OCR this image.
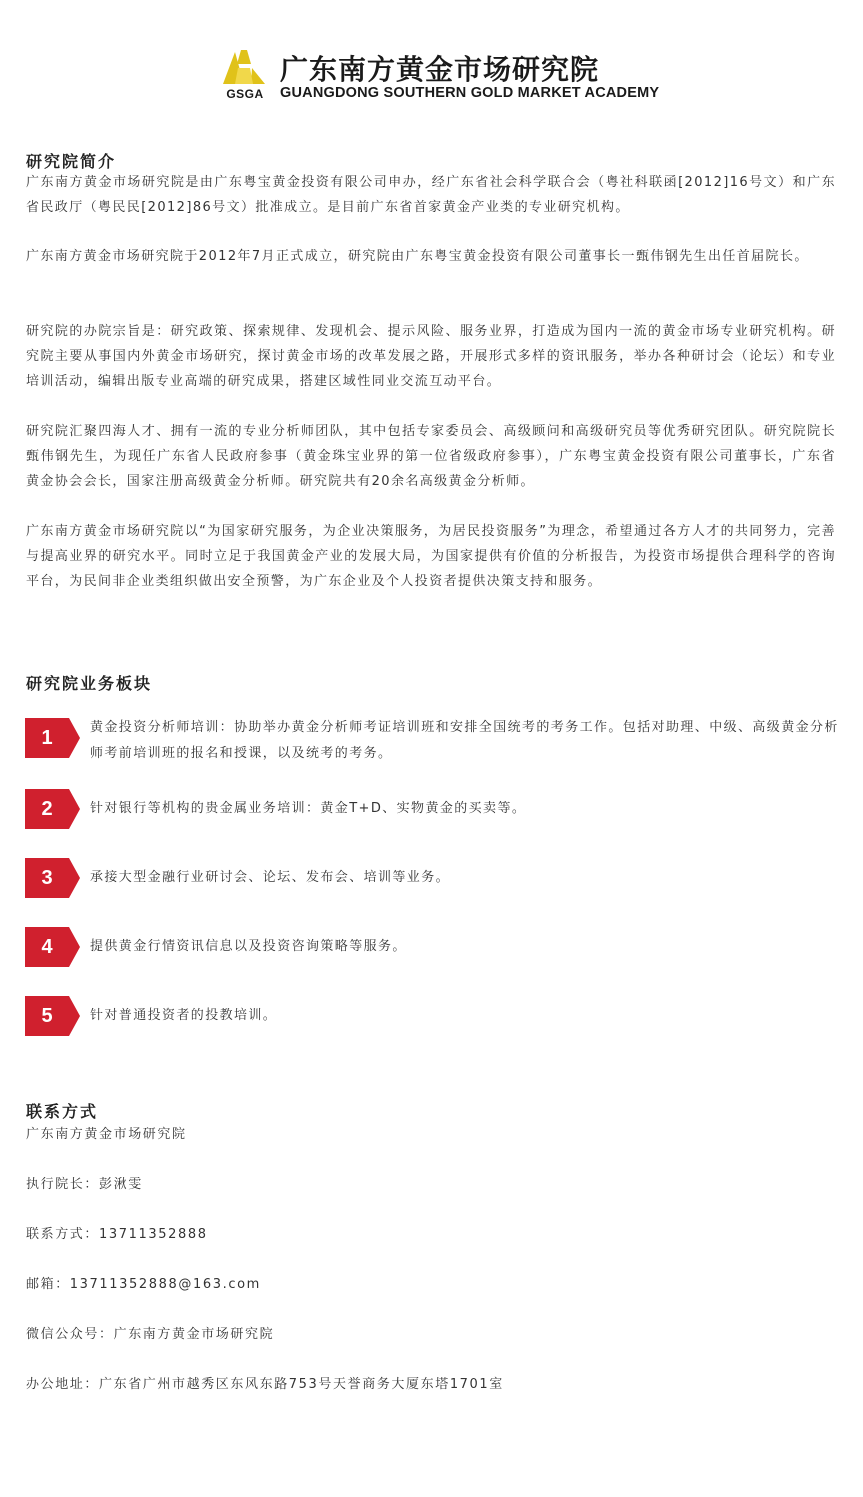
GSGA
广东南方黄金市场研究院
GUANGDONG SOUTHERN GOLD MARKET ACADEMY
研究院简介

广东南方黄金市场研究院是由广东粤宝黄金投资有限公司申办，经广东省社会科学联合会（粤社科联函[2012]16号文）和广东省民政厅（粤民民[2012]86号文）批准成立。是目前广东省首家黄金产业类的专业研究机构。

广东南方黄金市场研究院于2012年7月正式成立，研究院由广东粤宝黄金投资有限公司董事长一甄伟钢先生出任首届院长。

研究院的办院宗旨是：研究政策、探索规律、发现机会、提示风险、服务业界，打造成为国内一流的黄金市场专业研究机构。研究院主要从事国内外黄金市场研究，探讨黄金市场的改革发展之路，开展形式多样的资讯服务，举办各种研讨会（论坛）和专业培训活动，编辑出版专业高端的研究成果，搭建区域性同业交流互动平台。

研究院汇聚四海人才、拥有一流的专业分析师团队，其中包括专家委员会、高级顾问和高级研究员等优秀研究团队。研究院院长甄伟钢先生，为现任广东省人民政府参事（黄金珠宝业界的第一位省级政府参事），广东粤宝黄金投资有限公司董事长，广东省黄金协会会长，国家注册高级黄金分析师。研究院共有20余名高级黄金分析师。

广东南方黄金市场研究院以“为国家研究服务，为企业决策服务，为居民投资服务”为理念，希望通过各方人才的共同努力，完善与提高业界的研究水平。同时立足于我国黄金产业的发展大局，为国家提供有价值的分析报告，为投资市场提供合理科学的咨询平台，为民间非企业类组织做出安全预警，为广东企业及个人投资者提供决策支持和服务。

研究院业务板块
1	黄金投资分析师培训：协助举办黄金分析师考证培训班和安排全国统考的考务工作。包括对助理、中级、高级黄金分析师考前培训班的报名和授课，以及统考的考务。
2	针对银行等机构的贵金属业务培训：黄金T+D、实物黄金的买卖等。
3	承接大型金融行业研讨会、论坛、发布会、培训等业务。
4	提供黄金行情资讯信息以及投资咨询策略等服务。
5	针对普通投资者的投教培训。
联系方式
广东南方黄金市场研究院
执行院长：彭湫雯
联系方式：13711352888
邮箱：13711352888@163.com
微信公众号：广东南方黄金市场研究院
办公地址：广东省广州市越秀区东风东路753号天誉商务大厦东塔1701室
